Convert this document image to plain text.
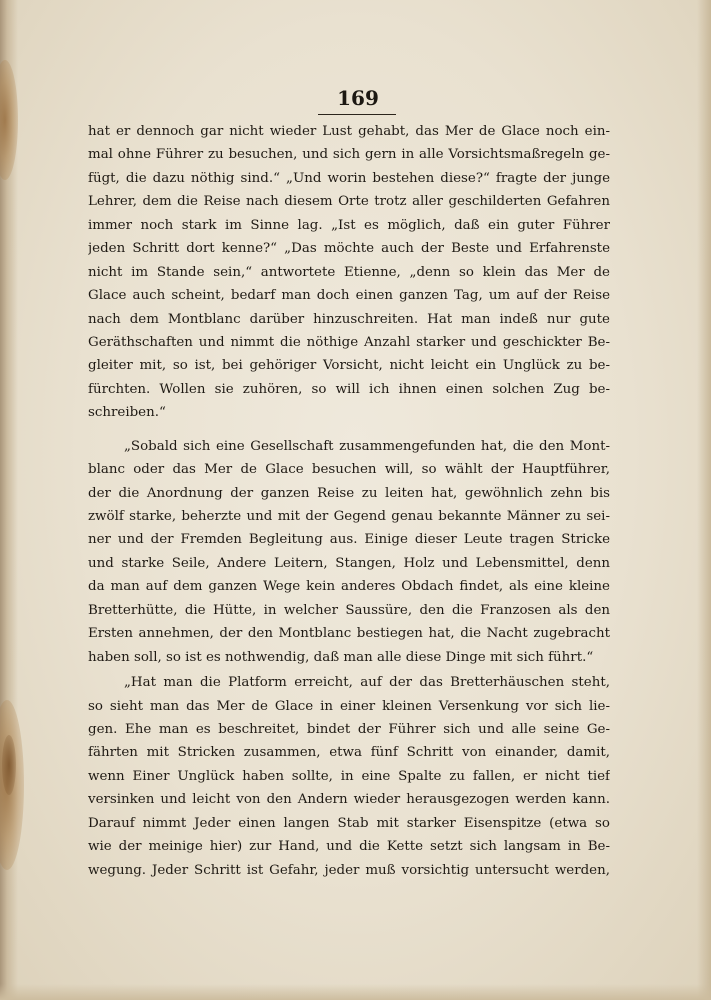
169
hat er dennoch gar nicht wieder Lust gehabt, das Mer de Glace noch ein-
mal ohne Führer zu besuchen, und sich gern in alle Vorsichtsmaßregeln ge-
fügt, die dazu nöthig sind.“ „Und worin bestehen diese?“ fragte der junge
Lehrer, dem die Reise nach diesem Orte trotz aller geschilderten Gefahren
immer noch stark im Sinne lag. „Ist es möglich, daß ein guter Führer
jeden Schritt dort kenne?“ „Das möchte auch der Beste und Erfahrenste
nicht im Stande sein,“ antwortete Etienne, „denn so klein das Mer de
Glace auch scheint, bedarf man doch einen ganzen Tag, um auf der Reise
nach dem Montblanc darüber hinzuschreiten. Hat man indeß nur gute
Geräthschaften und nimmt die nöthige Anzahl starker und geschickter Be-
gleiter mit, so ist, bei gehöriger Vorsicht, nicht leicht ein Unglück zu be-
fürchten. Wollen sie zuhören, so will ich ihnen einen solchen Zug be-
schreiben.“
„Sobald sich eine Gesellschaft zusammengefunden hat, die den Mont-
blanc oder das Mer de Glace besuchen will, so wählt der Hauptführer,
der die Anordnung der ganzen Reise zu leiten hat, gewöhnlich zehn bis
zwölf starke, beherzte und mit der Gegend genau bekannte Männer zu sei-
ner und der Fremden Begleitung aus. Einige dieser Leute tragen Stricke
und starke Seile, Andere Leitern, Stangen, Holz und Lebensmittel, denn
da man auf dem ganzen Wege kein anderes Obdach findet, als eine kleine
Bretterhütte, die Hütte, in welcher Saussüre, den die Franzosen als den
Ersten annehmen, der den Montblanc bestiegen hat, die Nacht zugebracht
haben soll, so ist es nothwendig, daß man alle diese Dinge mit sich führt.“
„Hat man die Platform erreicht, auf der das Bretterhäuschen steht,
so sieht man das Mer de Glace in einer kleinen Versenkung vor sich lie-
gen. Ehe man es beschreitet, bindet der Führer sich und alle seine Ge-
fährten mit Stricken zusammen, etwa fünf Schritt von einander, damit,
wenn Einer Unglück haben sollte, in eine Spalte zu fallen, er nicht tief
versinken und leicht von den Andern wieder herausgezogen werden kann.
Darauf nimmt Jeder einen langen Stab mit starker Eisenspitze (etwa so
wie der meinige hier) zur Hand, und die Kette setzt sich langsam in Be-
wegung. Jeder Schritt ist Gefahr, jeder muß vorsichtig untersucht werden,
